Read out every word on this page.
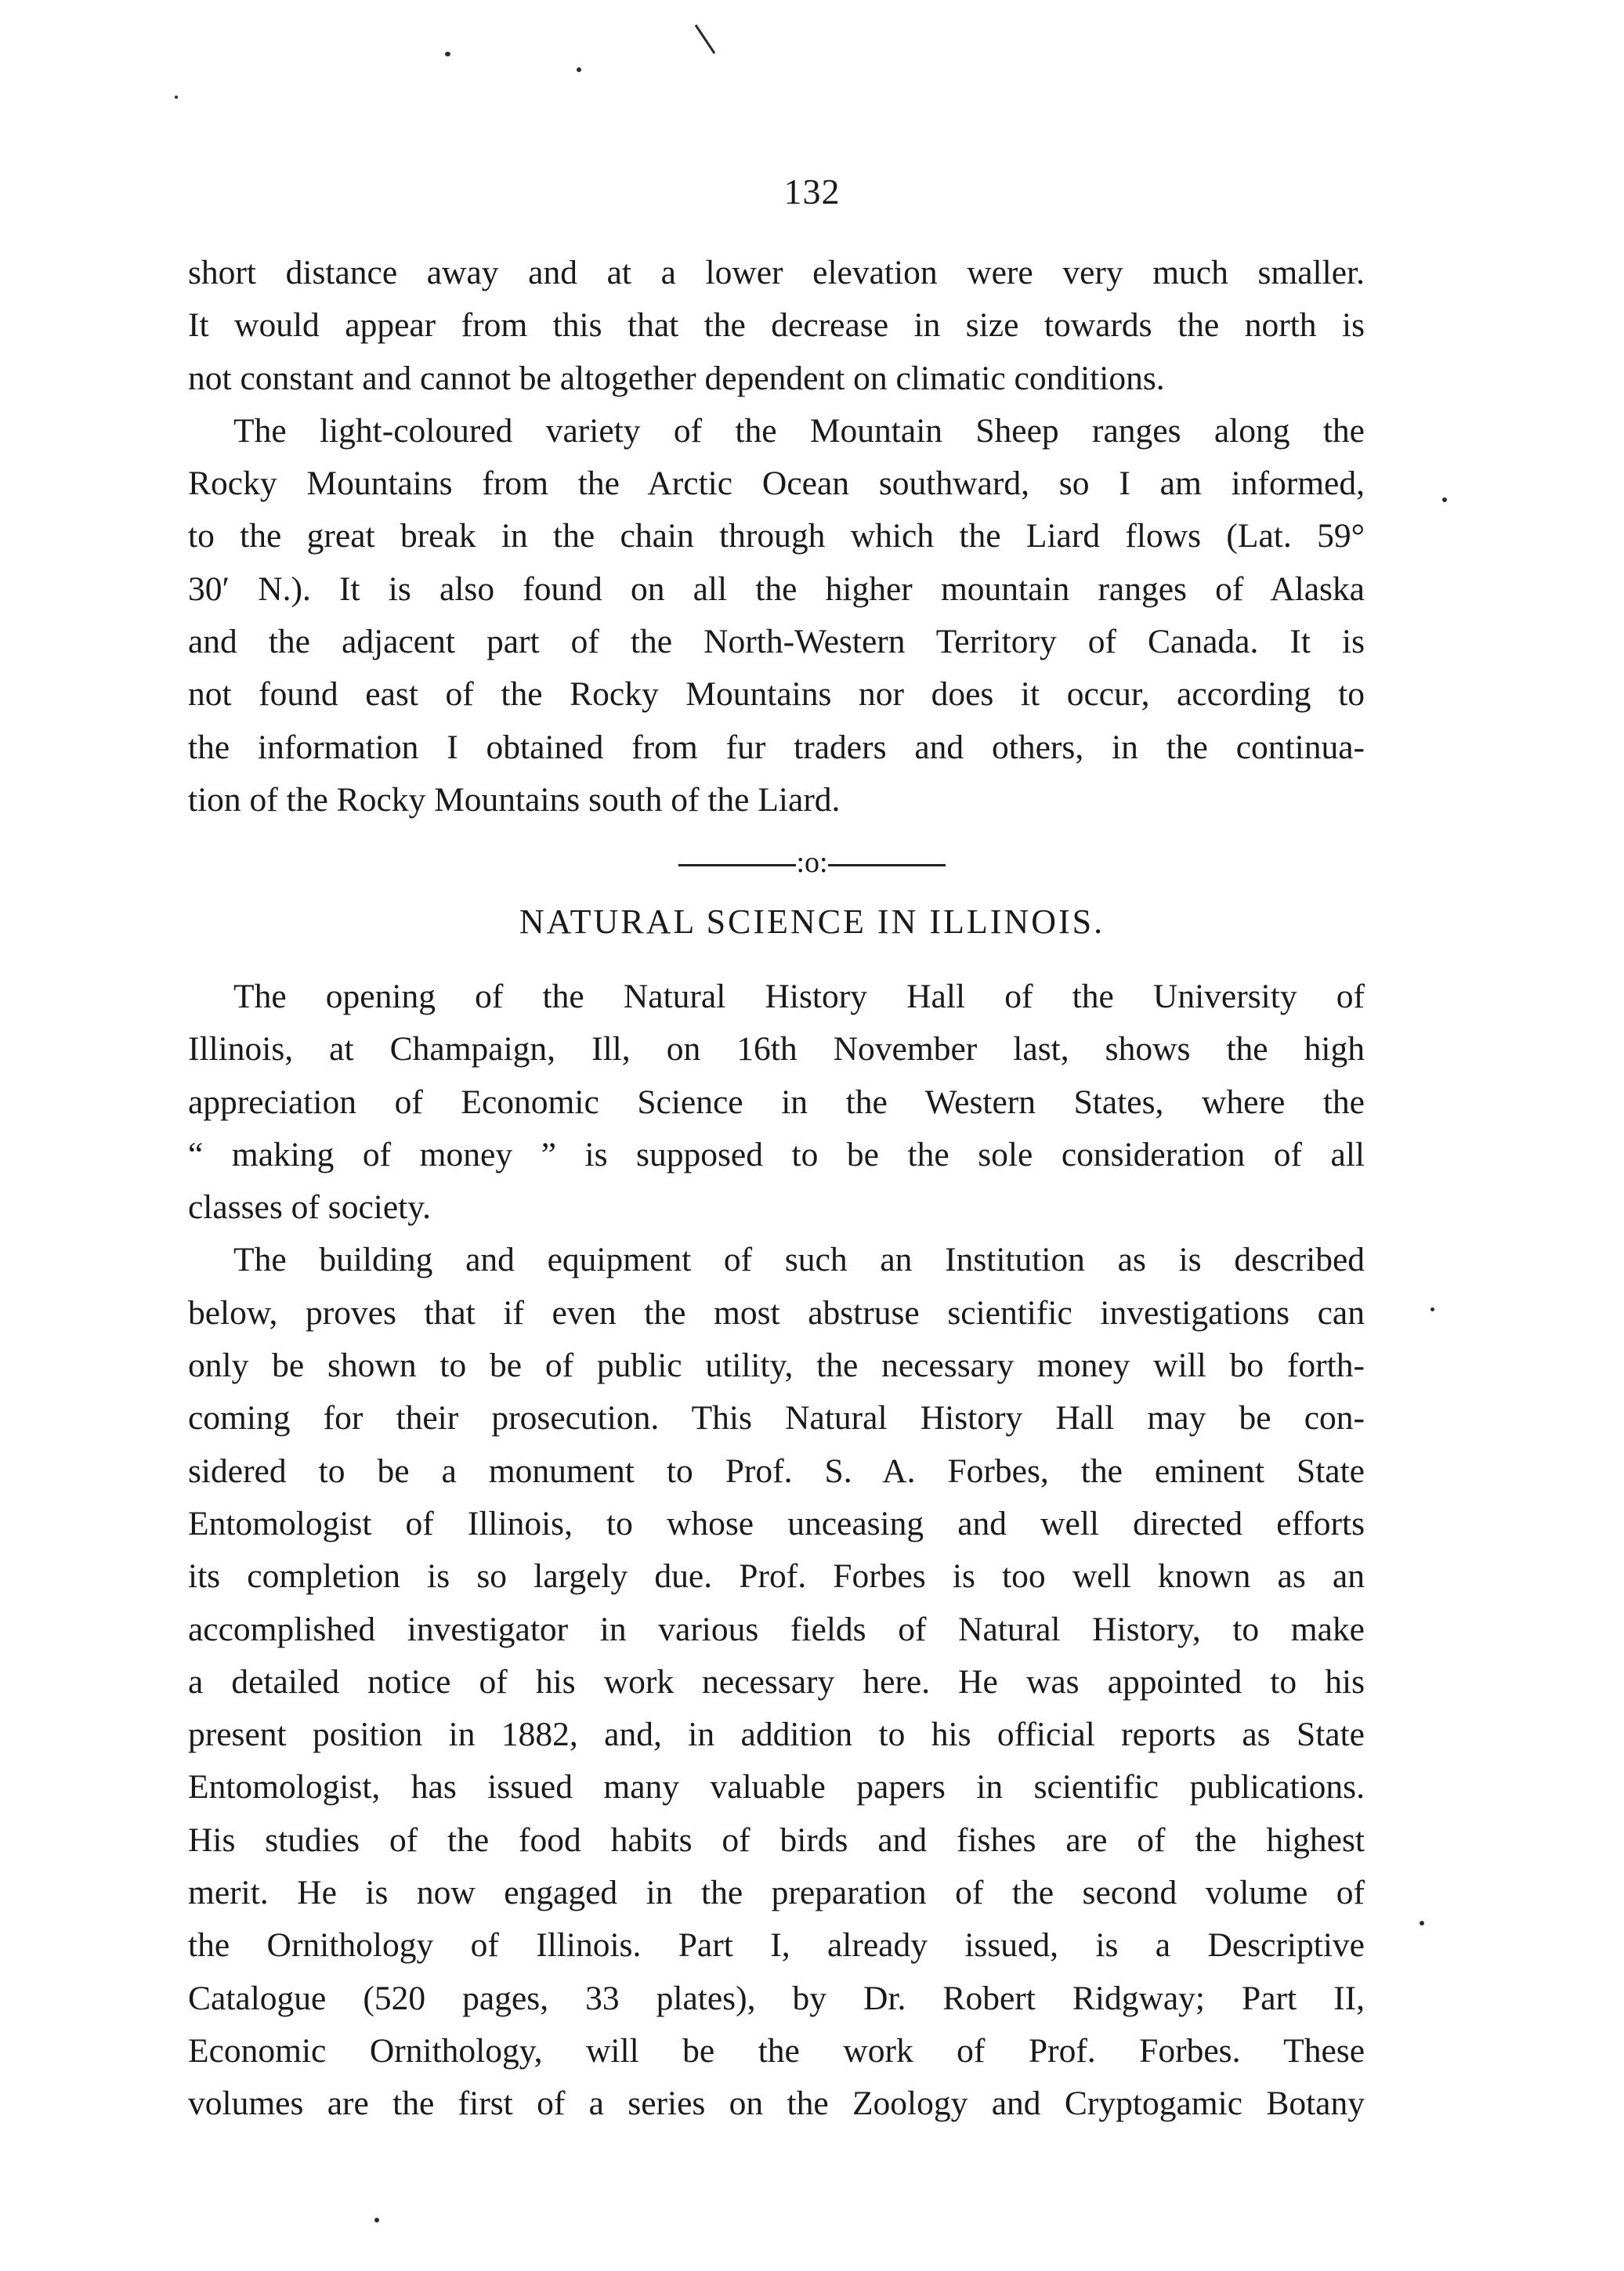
132
short distance away and at a lower elevation were very much smaller.
It would appear from this that the decrease in size towards the north is
not constant and cannot be altogether dependent on climatic conditions.
The light-coloured variety of the Mountain Sheep ranges along the
Rocky Mountains from the Arctic Ocean southward, so I am informed,
to the great break in the chain through which the Liard flows (Lat. 59°
30′ N.). It is also found on all the higher mountain ranges of Alaska
and the adjacent part of the North-Western Territory of Canada. It is
not found east of the Rocky Mountains nor does it occur, according to
the information I obtained from fur traders and others, in the continua-
tion of the Rocky Mountains south of the Liard.
:o:
NATURAL SCIENCE IN ILLINOIS.
The opening of the Natural History Hall of the University of
Illinois, at Champaign, Ill, on 16th November last, shows the high
appreciation of Economic Science in the Western States, where the
“ making of money ” is supposed to be the sole consideration of all
classes of society.
The building and equipment of such an Institution as is described
below, proves that if even the most abstruse scientific investigations can
only be shown to be of public utility, the necessary money will bo forth-
coming for their prosecution. This Natural History Hall may be con-
sidered to be a monument to Prof. S. A. Forbes, the eminent State
Entomologist of Illinois, to whose unceasing and well directed efforts
its completion is so largely due. Prof. Forbes is too well known as an
accomplished investigator in various fields of Natural History, to make
a detailed notice of his work necessary here. He was appointed to his
present position in 1882, and, in addition to his official reports as State
Entomologist, has issued many valuable papers in scientific publications.
His studies of the food habits of birds and fishes are of the highest
merit. He is now engaged in the preparation of the second volume of
the Ornithology of Illinois. Part I, already issued, is a Descriptive
Catalogue (520 pages, 33 plates), by Dr. Robert Ridgway; Part II,
Economic Ornithology, will be the work of Prof. Forbes. These
volumes are the first of a series on the Zoology and Cryptogamic Botany
